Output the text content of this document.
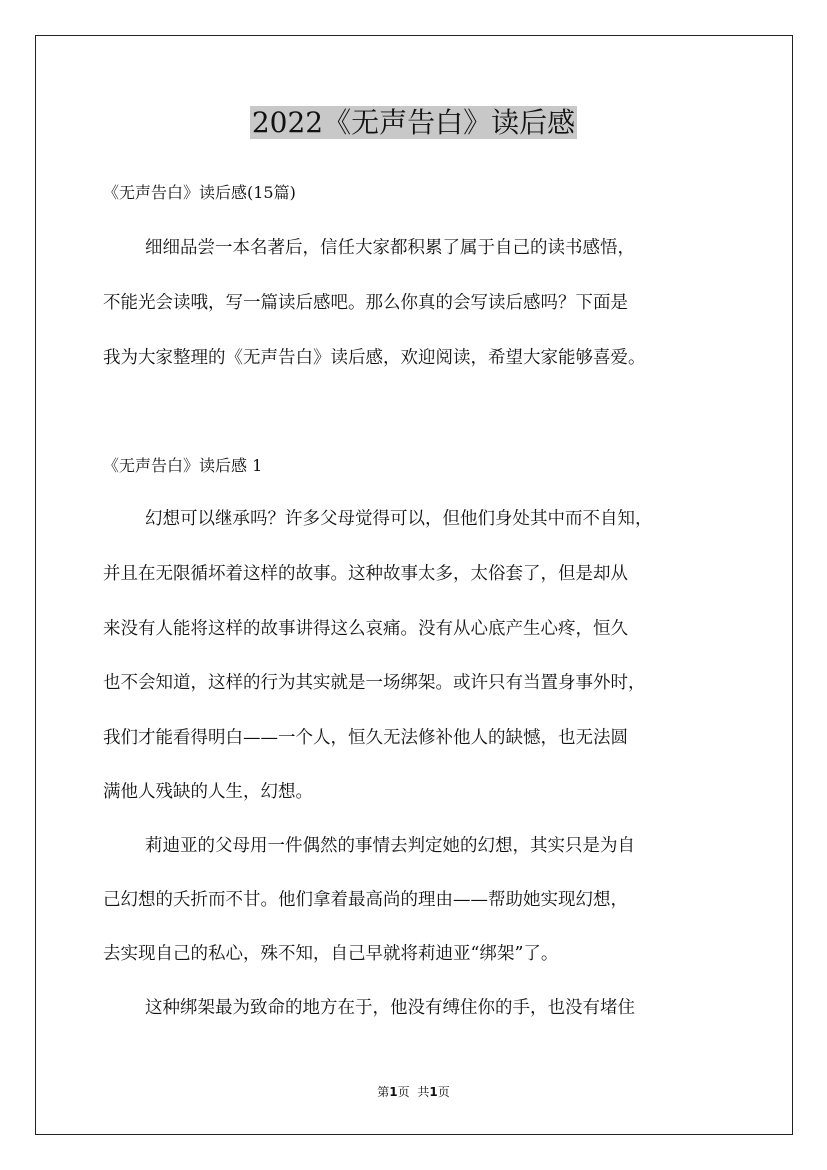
2022《无声告白》读后感
《无声告白》读后感(15篇)
细细品尝一本名著后，信任大家都积累了属于自己的读书感悟，
不能光会读哦，写一篇读后感吧。那么你真的会写读后感吗？下面是
我为大家整理的《无声告白》读后感，欢迎阅读，希望大家能够喜爱。
《无声告白》读后感 1
幻想可以继承吗？许多父母觉得可以，但他们身处其中而不自知，
并且在无限循坏着这样的故事。这种故事太多，太俗套了，但是却从
来没有人能将这样的故事讲得这么哀痛。没有从心底产生心疼，恒久
也不会知道，这样的行为其实就是一场绑架。或许只有当置身事外时，
我们才能看得明白——一个人，恒久无法修补他人的缺憾，也无法圆
满他人残缺的人生，幻想。
莉迪亚的父母用一件偶然的事情去判定她的幻想，其实只是为自
己幻想的夭折而不甘。他们拿着最高尚的理由——帮助她实现幻想，
去实现自己的私心，殊不知，自己早就将莉迪亚“绑架”了。
这种绑架最为致命的地方在于，他没有缚住你的手，也没有堵住
第1页 共1页
